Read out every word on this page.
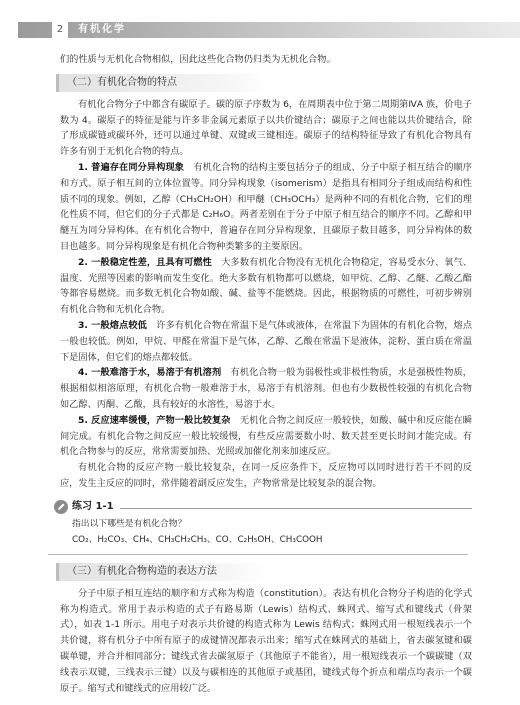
2	有机化学

们的性质与无机化合物相似，因此这些化合物仍归类为无机化合物。

（二）有机化合物的特点

有机化合物分子中都含有碳原子。碳的原子序数为 6，在周期表中位于第二周期第ⅣA 族，价电子数为 4。碳原子的特征是能与许多非金属元素原子以共价键结合；碳原子之间也能以共价键结合，除了形成碳链或碳环外，还可以通过单键、双键或三键相连。碳原子的结构特征导致了有机化合物具有许多有别于无机化合物的特点。

1. 普遍存在同分异构现象　 有机化合物的结构主要包括分子的组成、分子中原子相互结合的顺序和方式、原子相互间的立体位置等。同分异构现象（isomerism）是指具有相同分子组成而结构和性质不同的现象。例如，乙醇（CH₃CH₂OH）和甲醚（CH₃OCH₃）是两种不同的有机化合物，它们的理化性质不同，但它们的分子式都是 C₂H₆O。两者差别在于分子中原子相互结合的顺序不同。乙醇和甲醚互为同分异构体。在有机化合物中，普遍存在同分异构现象，且碳原子数目越多，同分异构体的数目也越多。同分异构现象是有机化合物种类繁多的主要原因。

2. 一般稳定性差，且具有可燃性　 大多数有机化合物没有无机化合物稳定，容易受水分、氧气、温度、光照等因素的影响而发生变化。绝大多数有机物都可以燃烧，如甲烷、乙醇、乙醚、乙酸乙酯等都容易燃烧。而多数无机化合物如酸、碱、盐等不能燃烧。因此，根据物质的可燃性，可初步辨别有机化合物和无机化合物。

3. 一般熔点较低　 许多有机化合物在常温下是气体或液体，在常温下为固体的有机化合物，熔点一般也较低。例如，甲烷、甲醛在常温下是气体，乙醇、乙酸在常温下是液体，淀粉、蛋白质在常温下是固体，但它们的熔点都较低。

4. 一般难溶于水，易溶于有机溶剂　 有机化合物一般为弱极性或非极性物质，水是强极性物质，根据相似相溶原理，有机化合物一般难溶于水，易溶于有机溶剂。但也有少数极性较强的有机化合物如乙醇、丙酮、乙酸，具有较好的水溶性，易溶于水。

5. 反应速率缓慢，产物一般比较复杂　 无机化合物之间反应一般较快，如酸、碱中和反应能在瞬间完成。有机化合物之间反应一般比较缓慢，有些反应需要数小时、数天甚至更长时间才能完成。有机化合物参与的反应，常常需要加热、光照或加催化剂来加速反应。

有机化合物的反应产物一般比较复杂，在同一反应条件下，反应物可以同时进行若干不同的反应，发生主反应的同时，常伴随着副反应发生，产物常常是比较复杂的混合物。

练习 1-1
指出以下哪些是有机化合物？
CO₂、H₂CO₃、CH₄、CH₃CH₂CH₃、CO、C₂H₅OH、CH₃COOH
（三）有机化合物构造的表达方法

分子中原子相互连结的顺序和方式称为构造（constitution）。表达有机化合物分子构造的化学式称为构造式。常用于表示构造的式子有路易斯（Lewis）结构式、蛛网式、缩写式和键线式（骨架式），如表 1-1 所示。用电子对表示共价键的构造式称为 Lewis 结构式；蛛网式用一根短线表示一个共价键，将有机分子中所有原子的成键情况都表示出来；缩写式在蛛网式的基础上，省去碳氢键和碳碳单键，并合并相同部分；键线式省去碳氢原子（其他原子不能省），用一根短线表示一个碳碳键（双线表示双键，三线表示三键）以及与碳相连的其他原子或基团，键线式每个折点和端点均表示一个碳原子。缩写式和键线式的应用较广泛。
